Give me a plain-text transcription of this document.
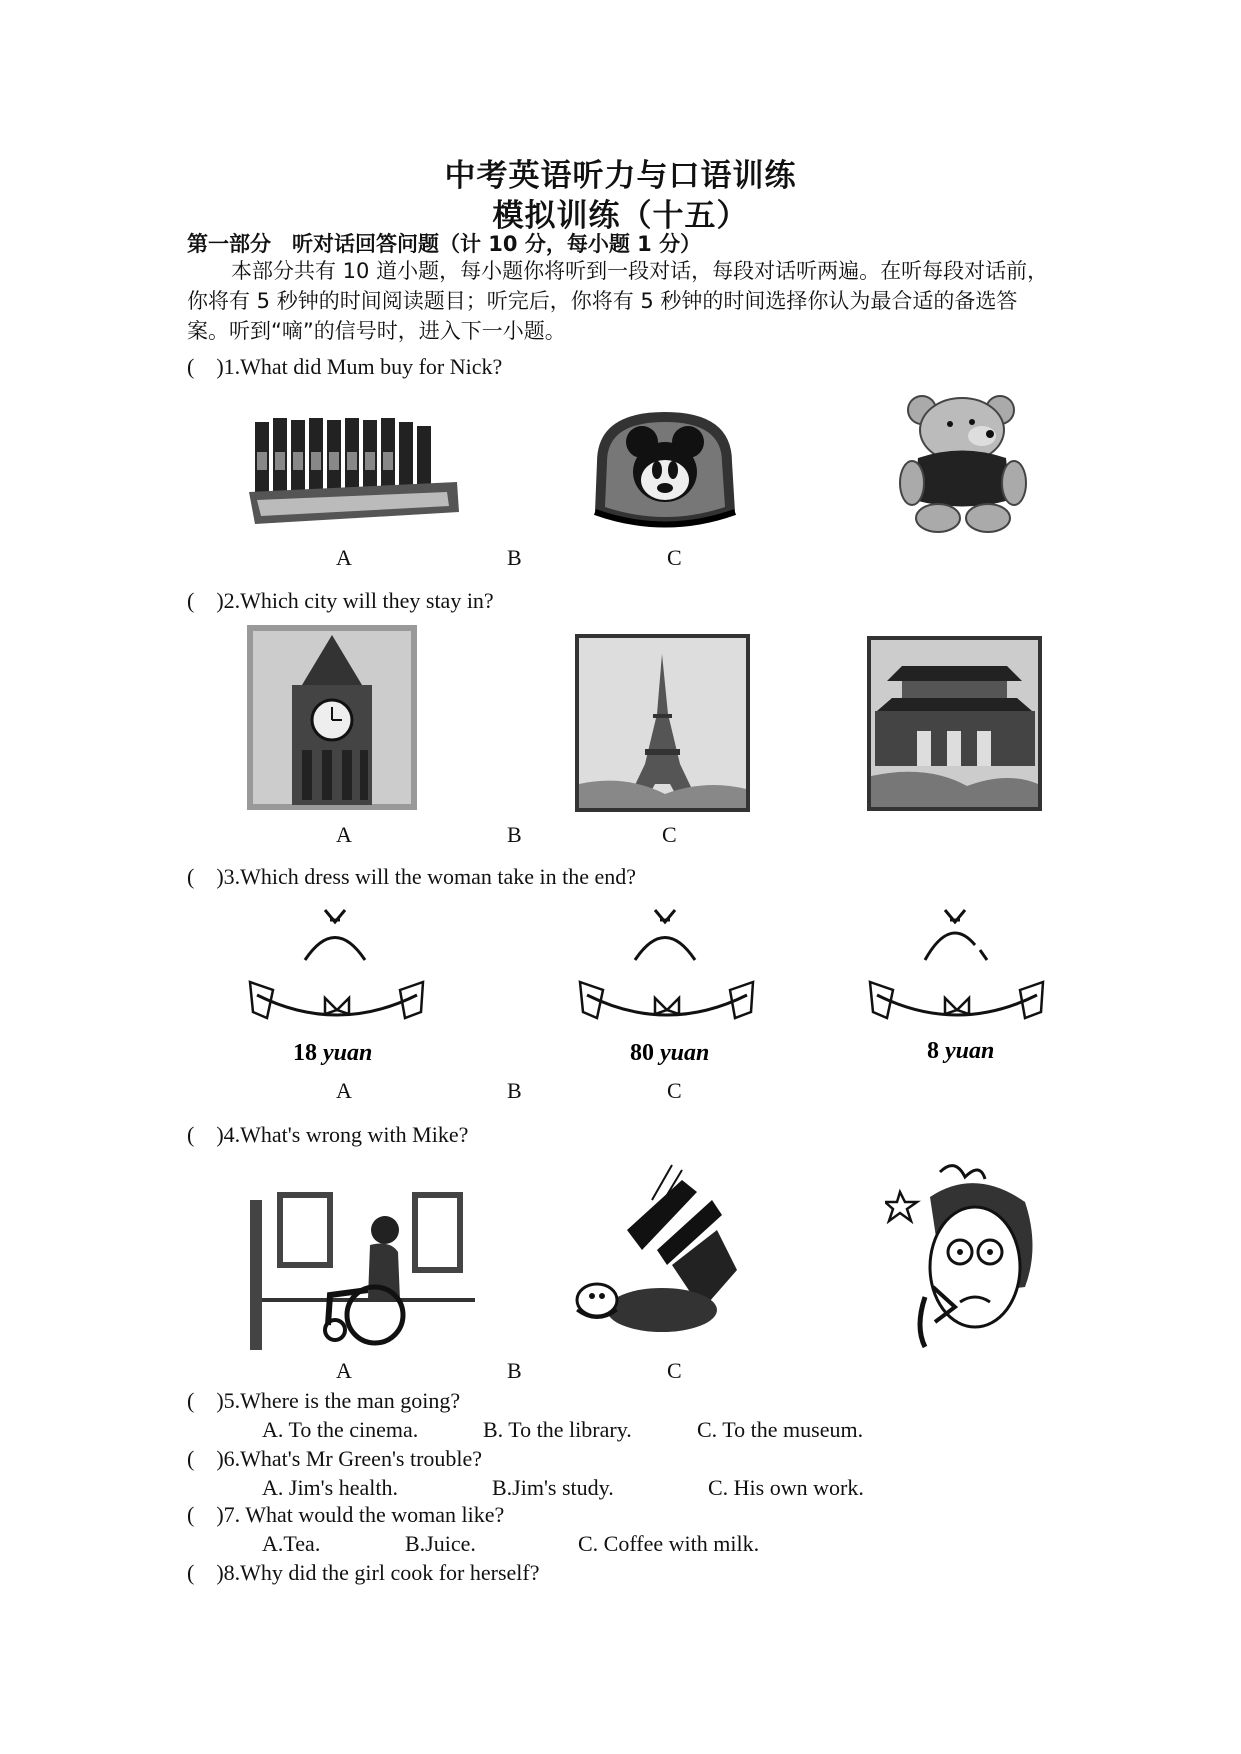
中考英语听力与口语训练
模拟训练（十五）
第一部分　听对话回答问题（计 10 分，每小题 1 分）
本部分共有 10 道小题，每小题你将听到一段对话，每段对话听两遍。在听每段对话前，你将有 5 秒钟的时间阅读题目；听完后，你将有 5 秒钟的时间选择你认为最合适的备选答案。听到“嘀”的信号时，进入下一小题。
(    )1.What did Mum buy for Nick?
A	B	C
(    )2.Which city will they stay in?
A	B	C
(    )3.Which dress will the woman take in the end?
18 yuan	80 yuan	8 yuan
A	B	C
(    )4.What's wrong with Mike?
A	B	C
(    )5.Where is the man going?
A. To the cinema.	B. To the library.	C. To the museum.
(    )6.What's Mr Green's trouble?
A. Jim's health.	B.Jim's study.	C. His own work.
(    )7. What would the woman like?
A.Tea.	B.Juice.	C. Coffee with milk.
(    )8.Why did the girl cook for herself?
